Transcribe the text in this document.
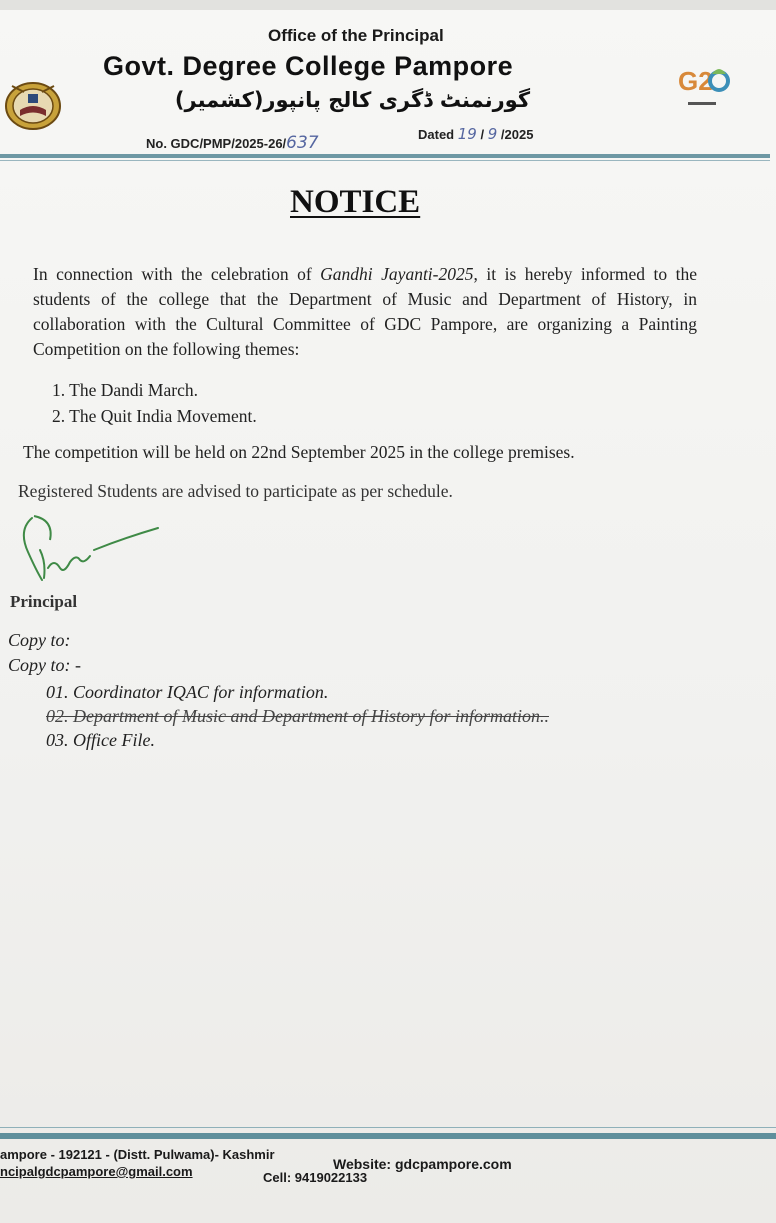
G2
Office of the Principal
Govt. Degree College Pampore
گورنمنٹ ڈگری کالج پانپور(کشمیر)
No. GDC/PMP/2025-26/637	Dated 19 / 9 /2025
NOTICE
In connection with the celebration of Gandhi Jayanti-2025, it is hereby informed to the students of the college that the Department of Music and Department of History, in collaboration with the Cultural Committee of GDC Pampore, are organizing a Painting Competition on the following themes:
1. The Dandi March.
2. The Quit India Movement.
The competition will be held on 22nd September 2025 in the college premises.
Registered Students are advised to participate as per schedule.
Principal
Copy to:
Copy to: -
01. Coordinator IQAC for information.
02. Department of Music and Department of History for information..
03. Office File.
ampore - 192121 - (Distt. Pulwama)- Kashmir
Website: gdcpampore.com
ncipalgdcpampore@gmail.com	Cell: 9419022133
